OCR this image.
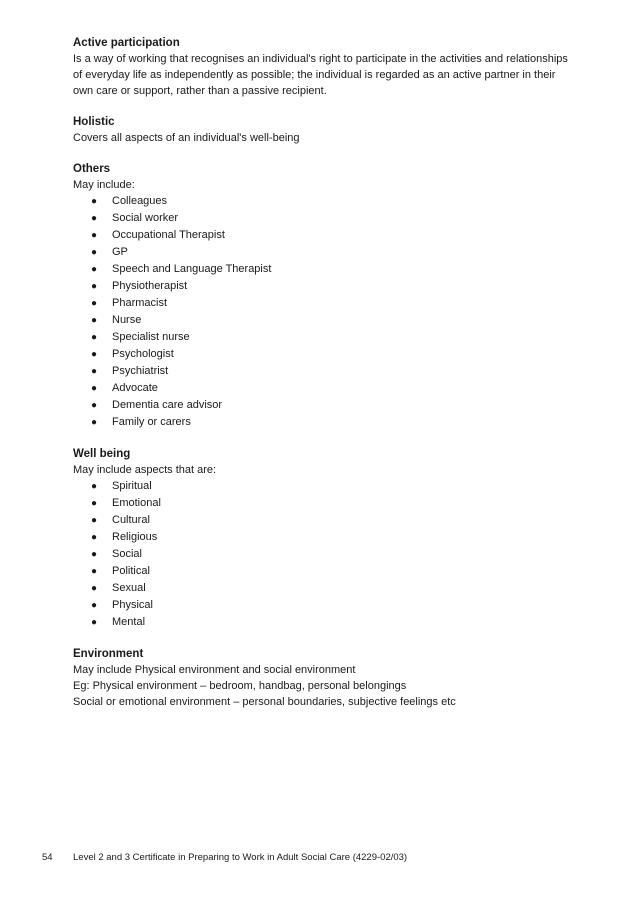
Active participation

Is a way of working that recognises an individual's right to participate in the activities and relationships of everyday life as independently as possible; the individual is regarded as an active partner in their own care or support, rather than a passive recipient.

Holistic

Covers all aspects of an individual's well-being

Others

May include:

● Colleagues
● Social worker
● Occupational Therapist
● GP
● Speech and Language Therapist
● Physiotherapist
● Pharmacist
● Nurse
● Specialist nurse
● Psychologist
● Psychiatrist
● Advocate
● Dementia care advisor
● Family or carers

Well being

May include aspects that are:

● Spiritual
● Emotional
● Cultural
● Religious
● Social
● Political
● Sexual
● Physical
● Mental

Environment

May include Physical environment and social environment

Eg: Physical environment – bedroom, handbag, personal belongings

Social or emotional environment – personal boundaries, subjective feelings etc

54 Level 2 and 3 Certificate in Preparing to Work in Adult Social Care (4229-02/03)
